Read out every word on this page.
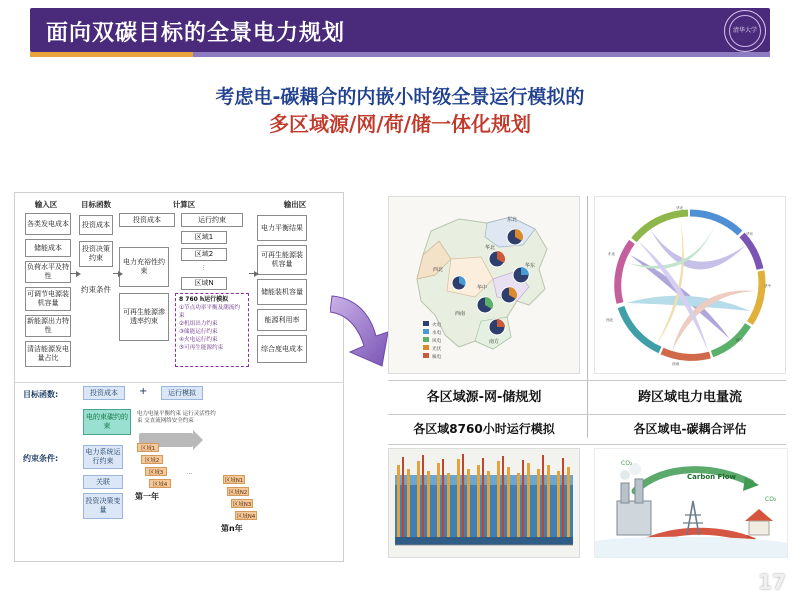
面向双碳目标的全景电力规划	清华大学
考虑电-碳耦合的内嵌小时级全景运行模拟的
多区域源/网/荷/储一体化规划
输入区	目标函数	计算区	输出区
各类发电成本
储能成本
负荷水平及特性
可调节电源装机容量
新能源出力特性
清洁能源发电量占比
投资成本
投资决策约束
约束条件
投资成本	运行约束
区域1
区域2
⋮
区域N
电力充裕性约束
可再生能源渗透率约束
8 760 h运行模拟
①节点功率平衡及潮流约束
②机组出力约束
③储能运行约束
④火电运行约束
⑤可再生能源约束
电力平衡结果
可再生能源装机容量
储能装机容量
能源利用率
综合度电成本
目标函数:	投资成本	+	运行模拟
电的束碳约的束
电力电量平衡约束 运行灵活性约束 交直流网络安全约束
约束条件:
电力系统运行约束
关联
投资决策变量
区域1
区域2
区域3
区域4
第一年
⋯
区域N1
区域N2
区域N3
区域N4
第n年
东北
华北
西北
华中
华东
西南
南方
火电
水电
风电
光伏
核电
华北
华东
华中
南方
西南
西北
东北
各区域源-网-储规划	跨区域电力电量流
各区域8760小时运行模拟	各区域电-碳耦合评估
Carbon Flow
CO₂
CO₂
17
